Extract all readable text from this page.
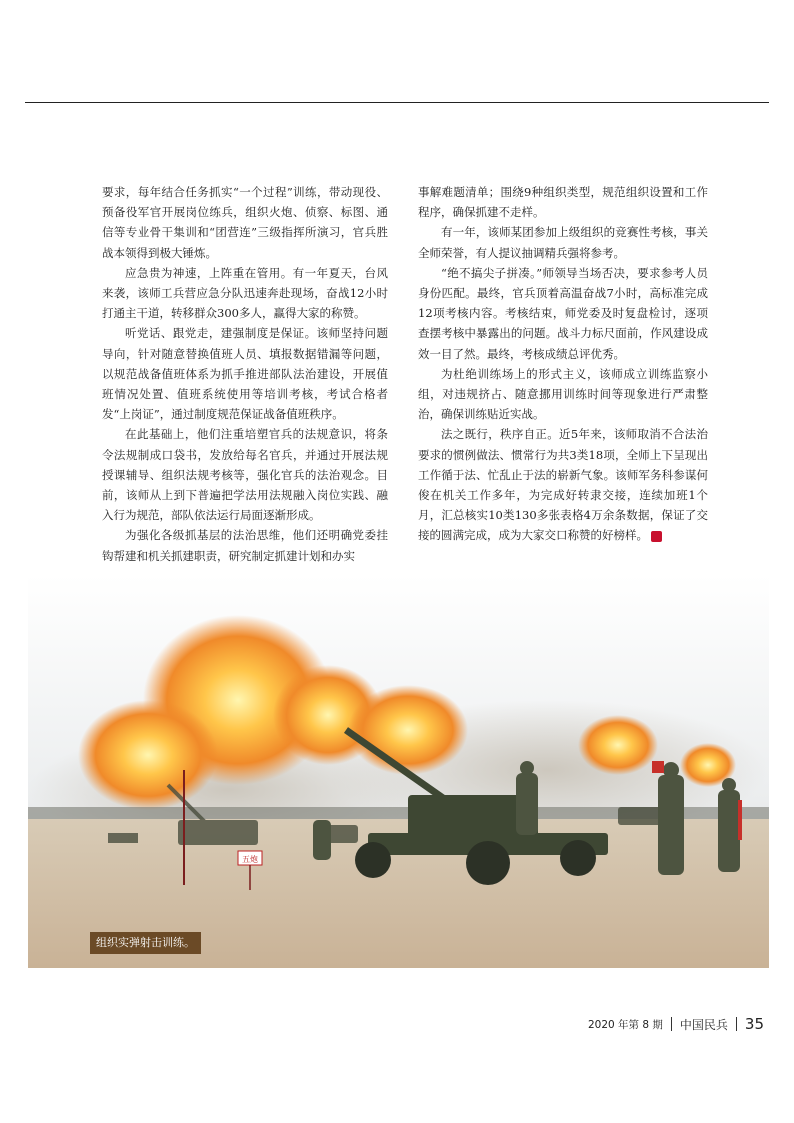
要求，每年结合任务抓实“一个过程”训练，带动现役、预备役军官开展岗位练兵，组织火炮、侦察、标图、通信等专业骨干集训和“团营连”三级指挥所演习，官兵胜战本领得到极大锤炼。

应急贵为神速，上阵重在管用。有一年夏天，台风来袭，该师工兵营应急分队迅速奔赴现场，奋战12小时打通主干道，转移群众300多人，赢得大家的称赞。

听党话、跟党走，建强制度是保证。该师坚持问题导向，针对随意替换值班人员、填报数据错漏等问题，以规范战备值班体系为抓手推进部队法治建设，开展值班情况处置、值班系统使用等培训考核，考试合格者发“上岗证”，通过制度规范保证战备值班秩序。

在此基础上，他们注重培塑官兵的法规意识，将条令法规制成口袋书，发放给每名官兵，并通过开展法规授课辅导、组织法规考核等，强化官兵的法治观念。目前，该师从上到下普遍把学法用法规融入岗位实践、融入行为规范，部队依法运行局面逐渐形成。

为强化各级抓基层的法治思维，他们还明确党委挂钩帮建和机关抓建职责，研究制定抓建计划和办实

事解难题清单；围绕9种组织类型，规范组织设置和工作程序，确保抓建不走样。

有一年，该师某团参加上级组织的竞赛性考核，事关全师荣誉，有人提议抽调精兵强将参考。

“绝不搞尖子拼凑。”师领导当场否决，要求参考人员身份匹配。最终，官兵顶着高温奋战7小时，高标准完成12项考核内容。考核结束，师党委及时复盘检讨，逐项查摆考核中暴露出的问题。战斗力标尺面前，作风建设成效一目了然。最终，考核成绩总评优秀。

为杜绝训练场上的形式主义，该师成立训练监察小组，对违规挤占、随意挪用训练时间等现象进行严肃整治，确保训练贴近实战。

法之既行，秩序自正。近5年来，该师取消不合法治要求的惯例做法、惯常行为共3类18项，全师上下呈现出工作循于法、忙乱止于法的崭新气象。该师军务科参谋何俊在机关工作多年，为完成好转隶交接，连续加班1个月，汇总核实10类130多张表格4万余条数据，保证了交接的圆满完成，成为大家交口称赞的好榜样。	兵

五炮
组织实弹射击训练。
2020 年第 8 期 中国民兵 35
